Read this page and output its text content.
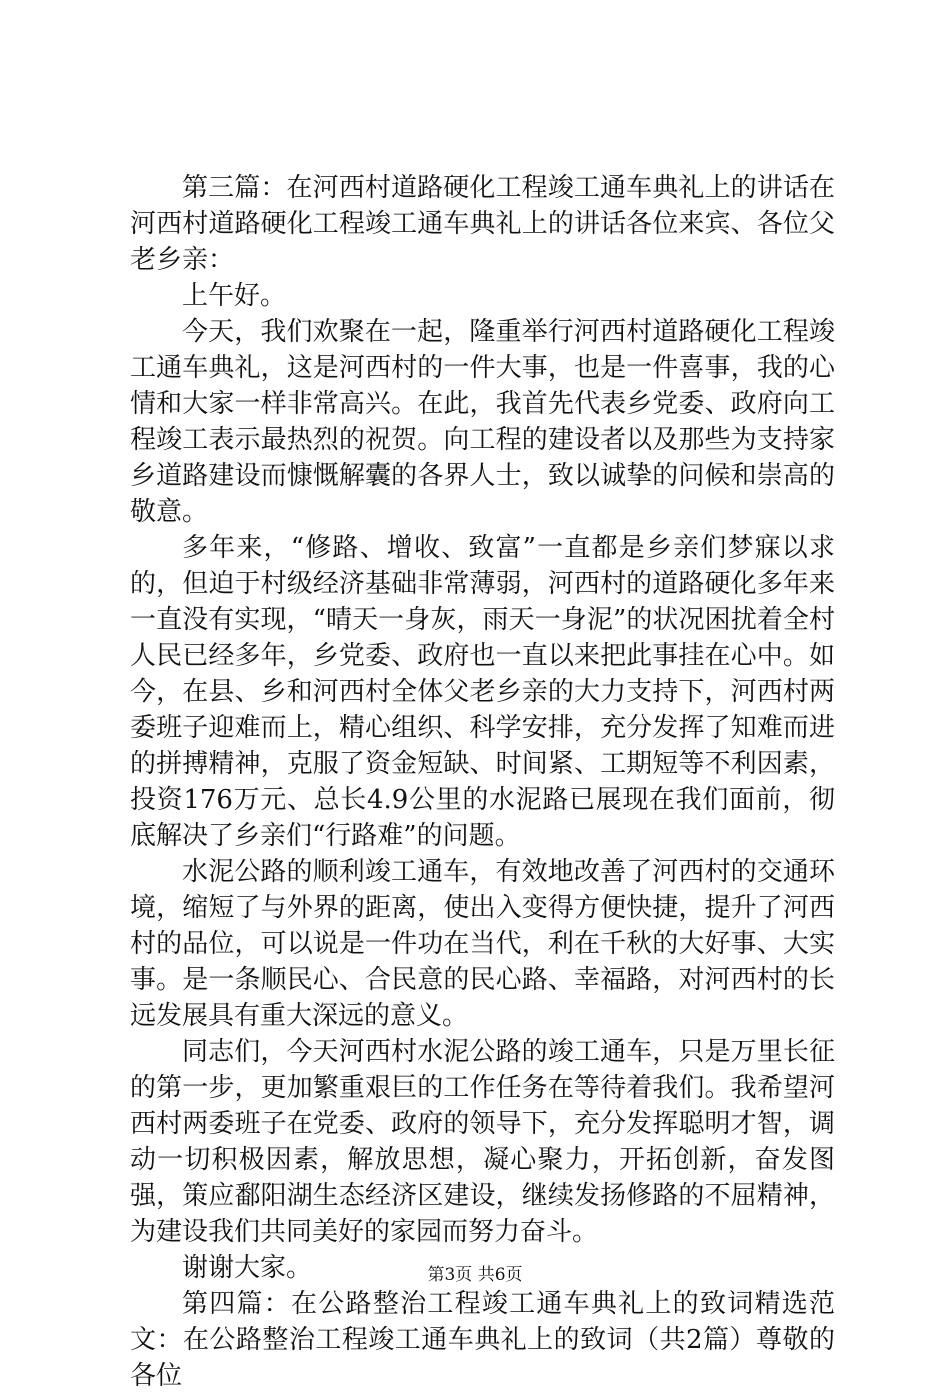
第三篇：在河西村道路硬化工程竣工通车典礼上的讲话在河西村道路硬化工程竣工通车典礼上的讲话各位来宾、各位父老乡亲：

上午好。

今天，我们欢聚在一起，隆重举行河西村道路硬化工程竣工通车典礼，这是河西村的一件大事，也是一件喜事，我的心情和大家一样非常高兴。在此，我首先代表乡党委、政府向工程竣工表示最热烈的祝贺。向工程的建设者以及那些为支持家乡道路建设而慷慨解囊的各界人士，致以诚挚的问候和崇高的敬意。

多年来，“修路、增收、致富”一直都是乡亲们梦寐以求的，但迫于村级经济基础非常薄弱，河西村的道路硬化多年来一直没有实现，“晴天一身灰，雨天一身泥”的状况困扰着全村人民已经多年，乡党委、政府也一直以来把此事挂在心中。如今，在县、乡和河西村全体父老乡亲的大力支持下，河西村两委班子迎难而上，精心组织、科学安排，充分发挥了知难而进的拼搏精神，克服了资金短缺、时间紧、工期短等不利因素，投资176万元、总长4.9公里的水泥路已展现在我们面前，彻底解决了乡亲们“行路难”的问题。

水泥公路的顺利竣工通车，有效地改善了河西村的交通环境，缩短了与外界的距离，使出入变得方便快捷，提升了河西村的品位，可以说是一件功在当代，利在千秋的大好事、大实事。是一条顺民心、合民意的民心路、幸福路，对河西村的长远发展具有重大深远的意义。

同志们，今天河西村水泥公路的竣工通车，只是万里长征的第一步，更加繁重艰巨的工作任务在等待着我们。我希望河西村两委班子在党委、政府的领导下，充分发挥聪明才智，调动一切积极因素，解放思想，凝心聚力，开拓创新，奋发图强，策应鄱阳湖生态经济区建设，继续发扬修路的不屈精神，为建设我们共同美好的家园而努力奋斗。

谢谢大家。

第四篇：在公路整治工程竣工通车典礼上的致词精选范文：在公路整治工程竣工通车典礼上的致词（共2篇）尊敬的各位

第3页 共6页
